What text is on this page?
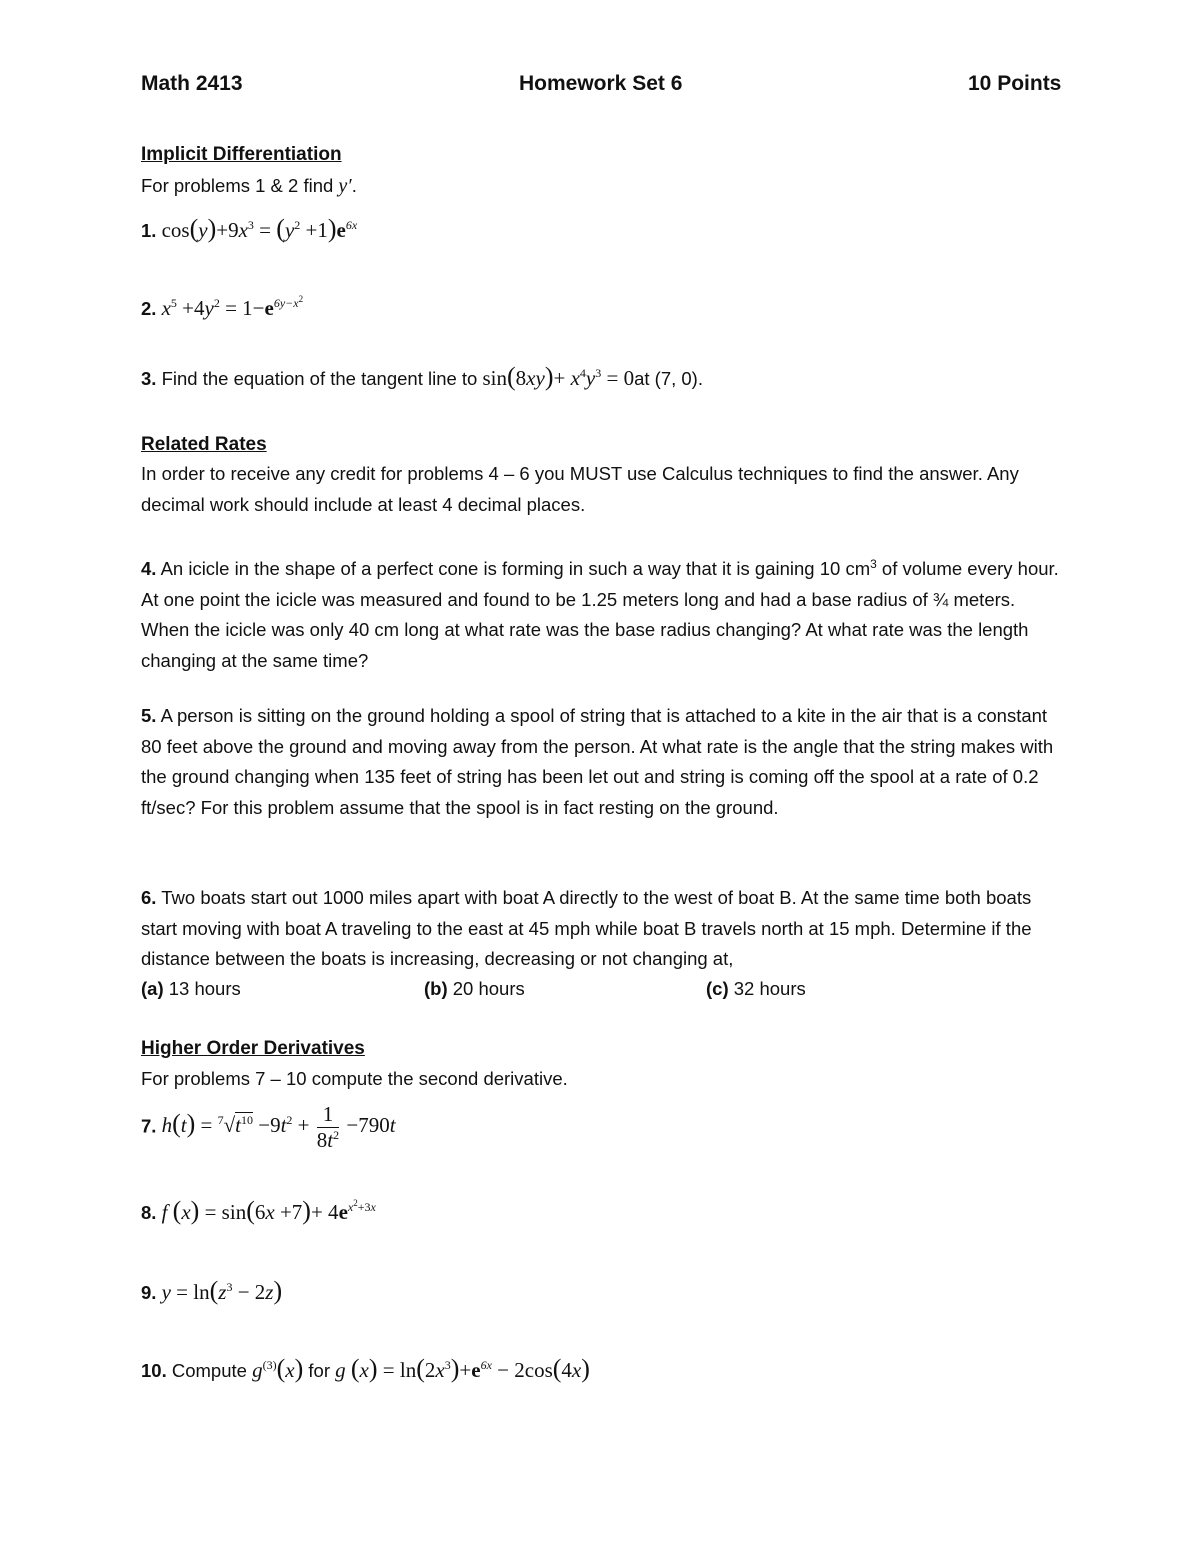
Math 2413	Homework Set 6	10 Points
Implicit Differentiation
For problems 1 & 2 find y′.
1. $\cos(y)+9x^3 = (y^2 +1)e^{6x}$
2. $x^5 +4y^2 = 1-e^{6y-x^2}$
3. Find the equation of the tangent line to $\sin(8xy)+ x^4y^3 = 0at$ (7, 0).
Related Rates
In order to receive any credit for problems 4 – 6 you MUST use Calculus techniques to find the answer. Any decimal work should include at least 4 decimal places.
4. An icicle in the shape of a perfect cone is forming in such a way that it is gaining 10 $cm^3$ of volume every hour. At one point the icicle was measured and found to be 1.25 meters long and had a base radius of ¾ meters. When the icicle was only 40 cm long at what rate was the base radius changing? At what rate was the length changing at the same time?
5. A person is sitting on the ground holding a spool of string that is attached to a kite in the air that is a constant 80 feet above the ground and moving away from the person. At what rate is the angle that the string makes with the ground changing when 135 feet of string has been let out and string is coming off the spool at a rate of 0.2 ft/sec? For this problem assume that the spool is in fact resting on the ground.
6. Two boats start out 1000 miles apart with boat A directly to the west of boat B. At the same time both boats start moving with boat A traveling to the east at 45 mph while boat B travels north at 15 mph. Determine if the distance between the boats is increasing, decreasing or not changing at,
(a) 13 hours	(b) 20 hours	(c) 32 hours
Higher Order Derivatives
For problems 7 – 10 compute the second derivative.
7. $h(t) = ^7√t^{10} -9t^2 + \frac{1}{8t^2} -790t$
8. f $(x) = \sin(6x +7)+ 4e^{x^2+3x}$
9. $y = \ln(z^3 - 2z)$
10. Compute $g^{(3)}(x)$ for g $(x) = \ln(2x^3)+e^{6x} - 2\cos(4x)$
